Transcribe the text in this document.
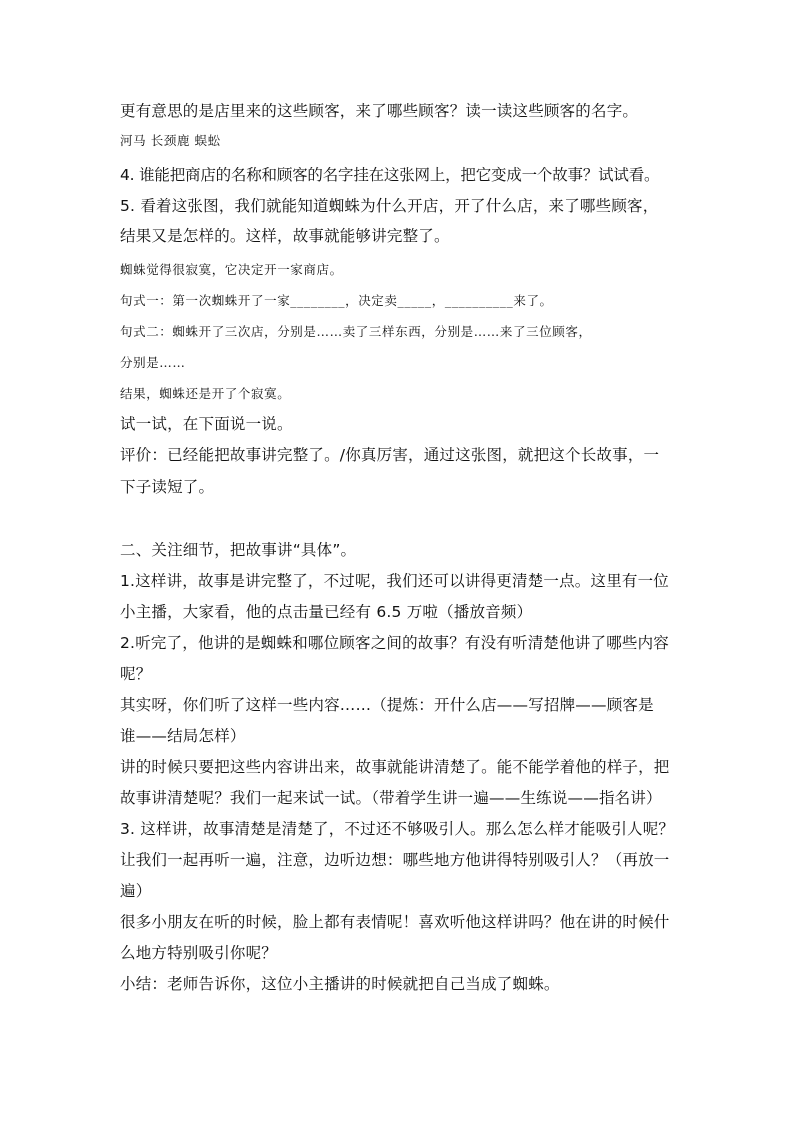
更有意思的是店里来的这些顾客，来了哪些顾客？读一读这些顾客的名字。
河马 长颈鹿 蜈蚣
4. 谁能把商店的名称和顾客的名字挂在这张网上，把它变成一个故事？试试看。
5. 看着这张图，我们就能知道蜘蛛为什么开店，开了什么店，来了哪些顾客，
结果又是怎样的。这样，故事就能够讲完整了。
蜘蛛觉得很寂寞，它决定开一家商店。
句式一：第一次蜘蛛开了一家________，决定卖_____，__________来了。
句式二：蜘蛛开了三次店，分别是……卖了三样东西，分别是……来了三位顾客，
分别是……
结果，蜘蛛还是开了个寂寞。
试一试，在下面说一说。
评价：已经能把故事讲完整了。/你真厉害，通过这张图，就把这个长故事，一
下子读短了。
二、关注细节，把故事讲“具体”。
1.这样讲，故事是讲完整了，不过呢，我们还可以讲得更清楚一点。这里有一位
小主播，大家看，他的点击量已经有 6.5 万啦（播放音频）
2.听完了，他讲的是蜘蛛和哪位顾客之间的故事？有没有听清楚他讲了哪些内容
呢？
其实呀，你们听了这样一些内容……（提炼：开什么店——写招牌——顾客是
谁——结局怎样）
讲的时候只要把这些内容讲出来，故事就能讲清楚了。能不能学着他的样子，把
故事讲清楚呢？我们一起来试一试。（带着学生讲一遍——生练说——指名讲）
3. 这样讲，故事清楚是清楚了，不过还不够吸引人。那么怎么样才能吸引人呢？
让我们一起再听一遍，注意，边听边想：哪些地方他讲得特别吸引人？（再放一
遍）
很多小朋友在听的时候，脸上都有表情呢！喜欢听他这样讲吗？他在讲的时候什
么地方特别吸引你呢？
小结：老师告诉你，这位小主播讲的时候就把自己当成了蜘蛛。
